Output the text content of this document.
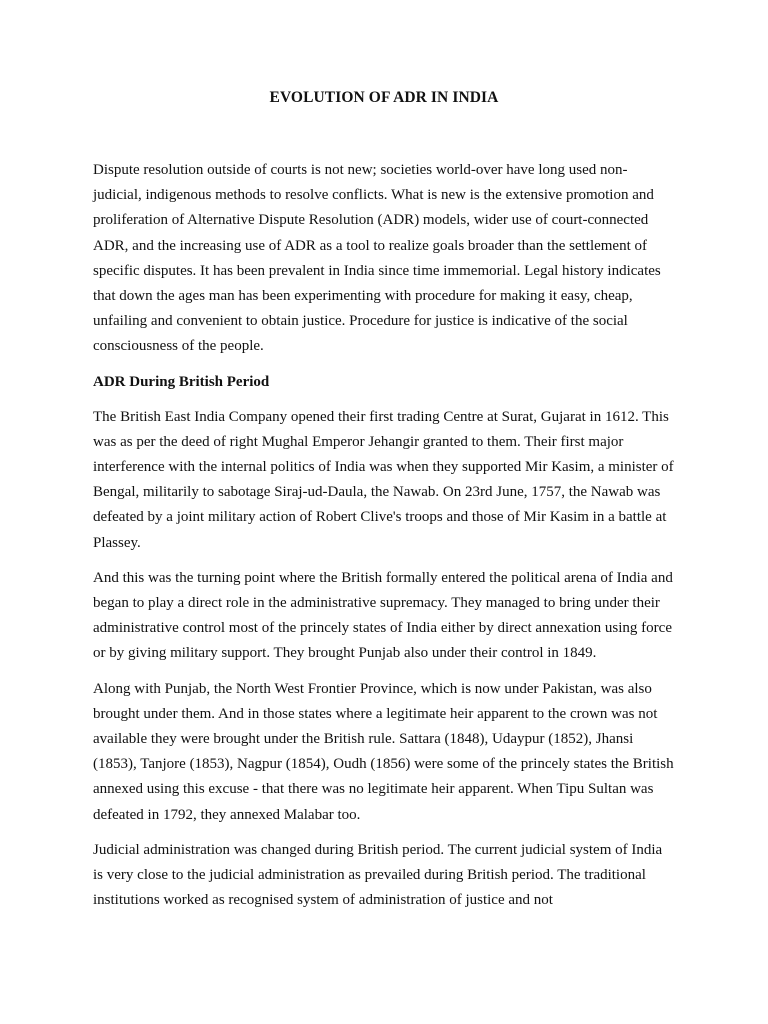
EVOLUTION OF ADR IN INDIA

Dispute resolution outside of courts is not new; societies world-over have long used non-judicial, indigenous methods to resolve conflicts. What is new is the extensive promotion and proliferation of Alternative Dispute Resolution (ADR) models, wider use of court-connected ADR, and the increasing use of ADR as a tool to realize goals broader than the settlement of specific disputes. It has been prevalent in India since time immemorial. Legal history indicates that down the ages man has been experimenting with procedure for making it easy, cheap, unfailing and convenient to obtain justice. Procedure for justice is indicative of the social consciousness of the people.

ADR During British Period

The British East India Company opened their first trading Centre at Surat, Gujarat in 1612. This was as per the deed of right Mughal Emperor Jehangir granted to them. Their first major interference with the internal politics of India was when they supported Mir Kasim, a minister of Bengal, militarily to sabotage Siraj-ud-Daula, the Nawab. On 23rd June, 1757, the Nawab was defeated by a joint military action of Robert Clive's troops and those of Mir Kasim in a battle at Plassey.

And this was the turning point where the British formally entered the political arena of India and began to play a direct role in the administrative supremacy. They managed to bring under their administrative control most of the princely states of India either by direct annexation using force or by giving military support. They brought Punjab also under their control in 1849.

Along with Punjab, the North West Frontier Province, which is now under Pakistan, was also brought under them. And in those states where a legitimate heir apparent to the crown was not available they were brought under the British rule. Sattara (1848), Udaypur (1852), Jhansi (1853), Tanjore (1853), Nagpur (1854), Oudh (1856) were some of the princely states the British annexed using this excuse - that there was no legitimate heir apparent. When Tipu Sultan was defeated in 1792, they annexed Malabar too.

Judicial administration was changed during British period. The current judicial system of India is very close to the judicial administration as prevailed during British period. The traditional institutions worked as recognised system of administration of justice and not
